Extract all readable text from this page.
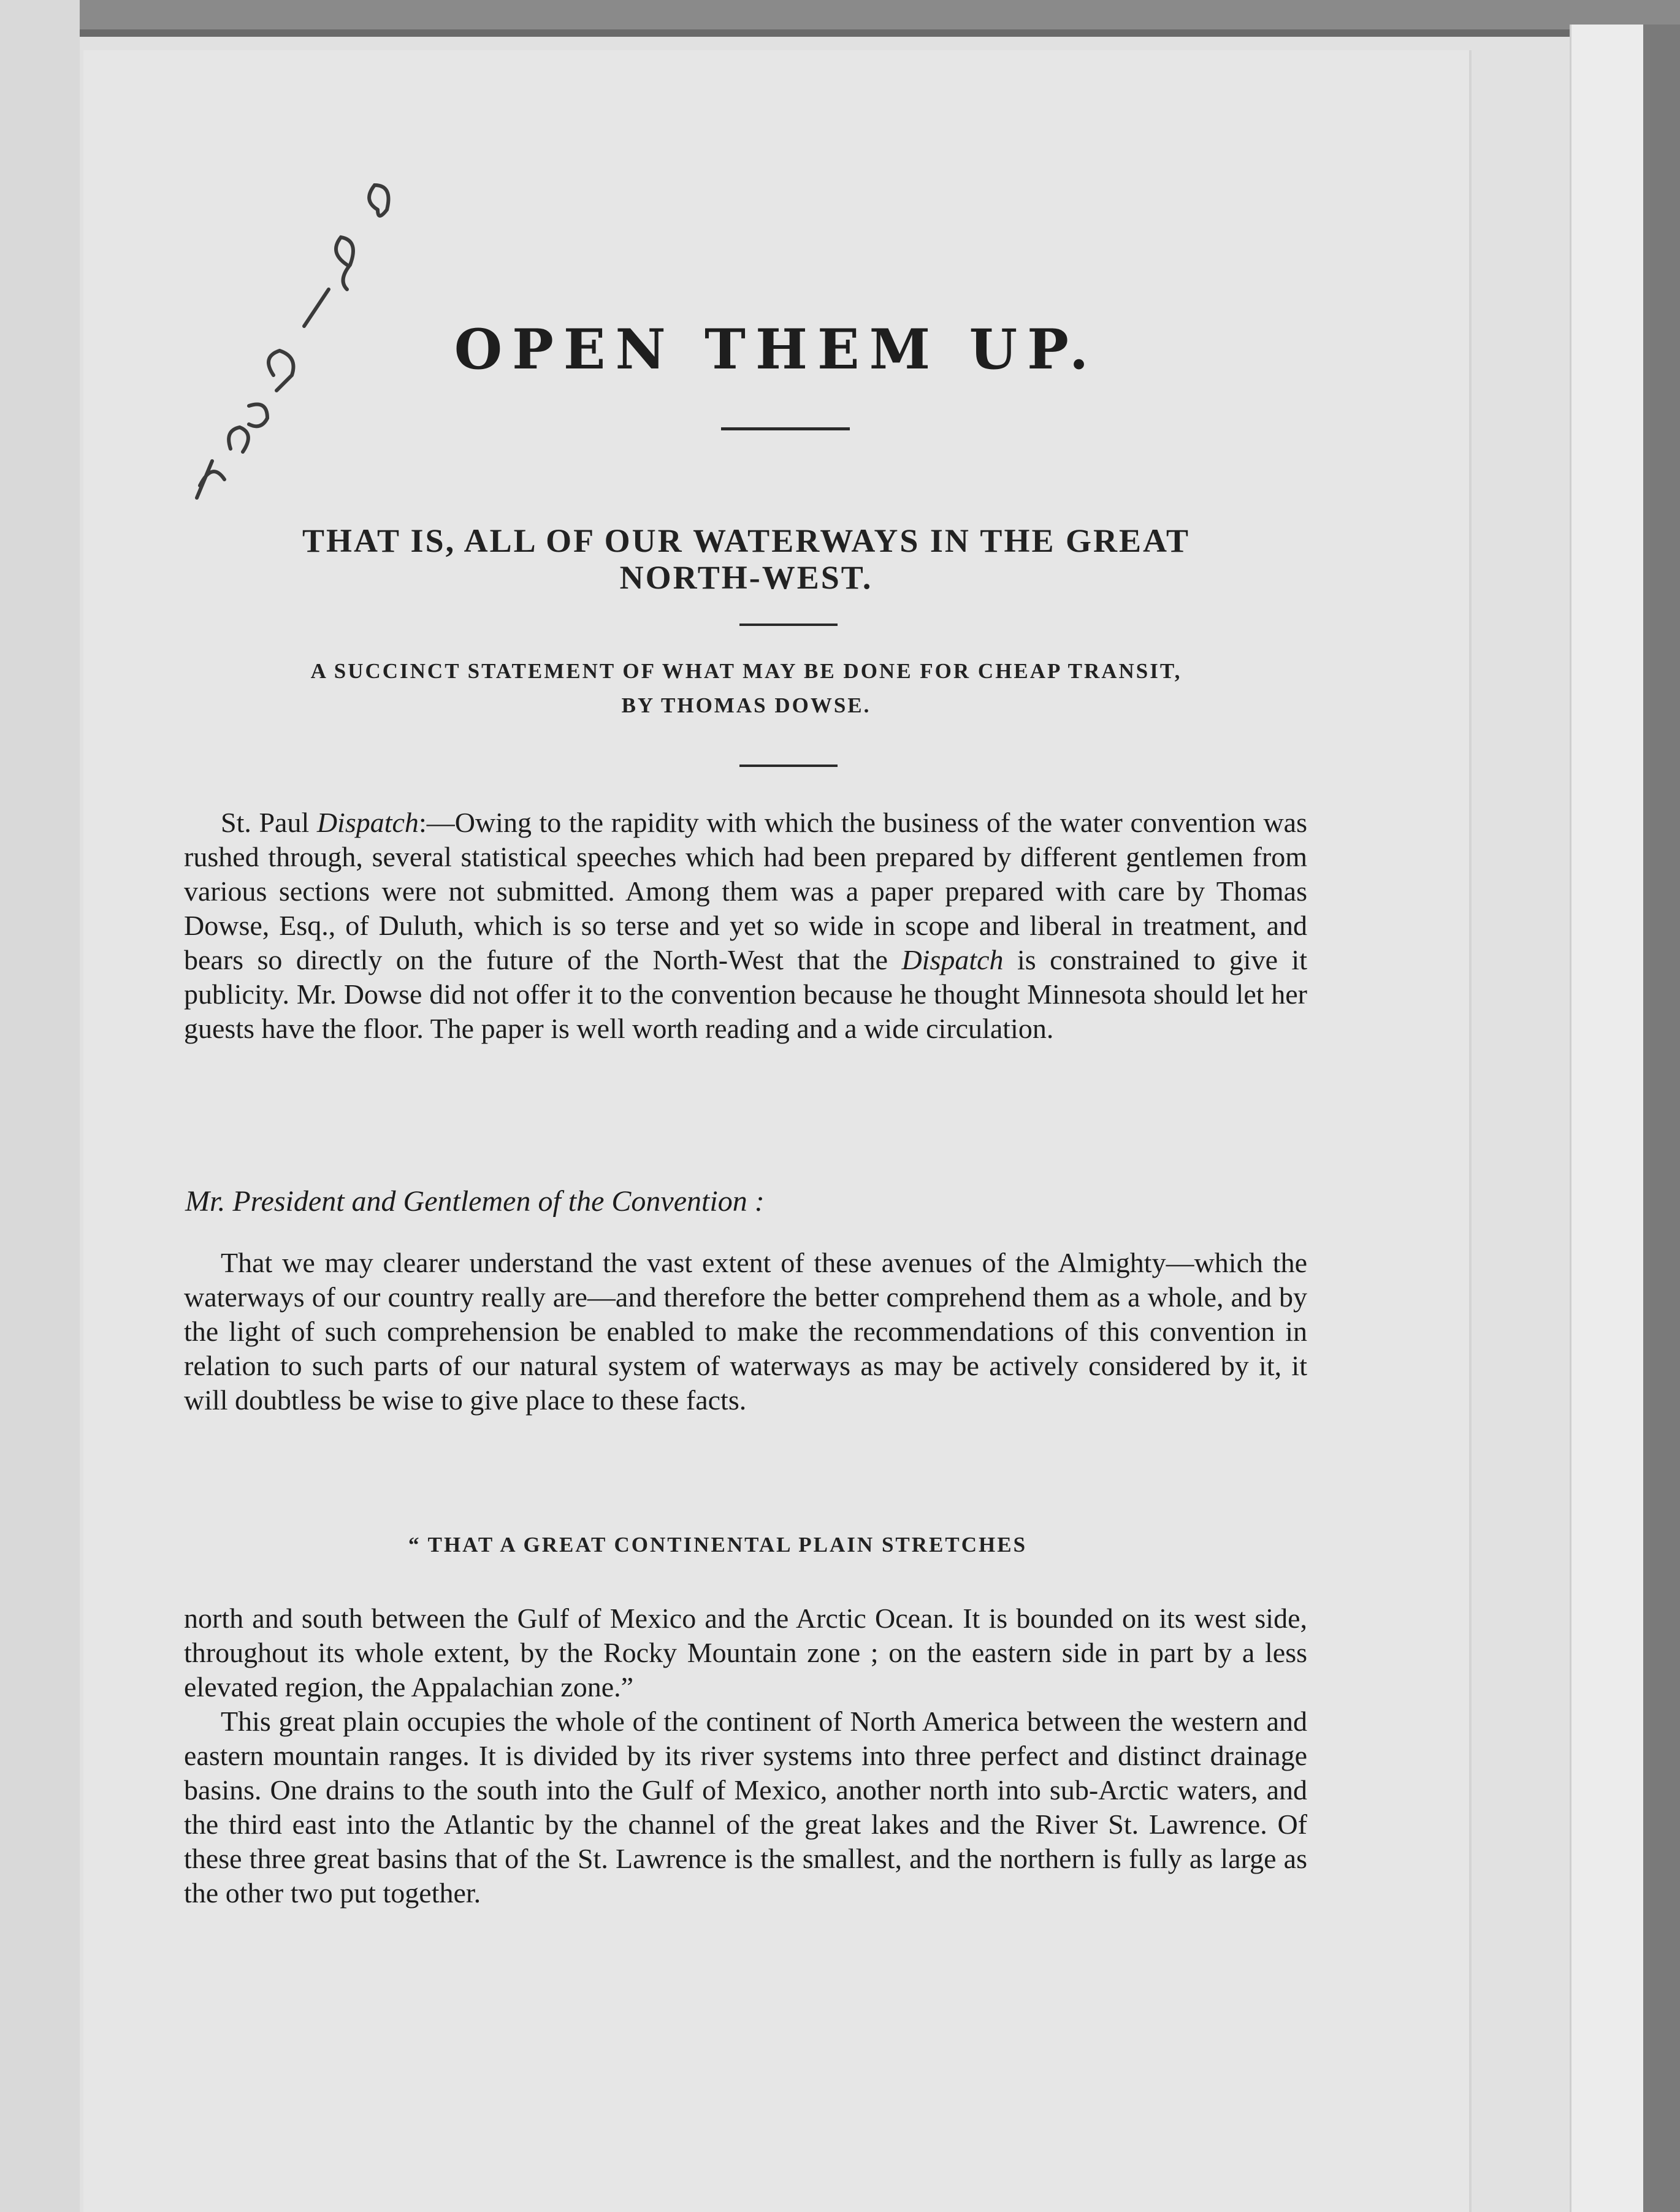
OPEN THEM UP.
THAT IS, ALL OF OUR WATERWAYS IN THE GREAT
NORTH-WEST.
A SUCCINCT STATEMENT OF WHAT MAY BE DONE FOR CHEAP TRANSIT,
BY THOMAS DOWSE.

St. Paul Dispatch:—Owing to the rapidity with which the business of the water convention was rushed through, several statistical speeches which had been prepared by different gentlemen from various sections were not submitted. Among them was a paper prepared with care by Thomas Dowse, Esq., of Duluth, which is so terse and yet so wide in scope and liberal in treatment, and bears so directly on the future of the North-West that the Dispatch is constrained to give it publicity. Mr. Dowse did not offer it to the convention because he thought Minnesota should let her guests have the floor. The paper is well worth reading and a wide circulation.

Mr. President and Gentlemen of the Convention :

That we may clearer understand the vast extent of these avenues of the Almighty—which the waterways of our country really are—and therefore the better comprehend them as a whole, and by the light of such comprehension be enabled to make the recommendations of this convention in relation to such parts of our natural system of waterways as may be actively considered by it, it will doubtless be wise to give place to these facts.

“ THAT A GREAT CONTINENTAL PLAIN STRETCHES

north and south between the Gulf of Mexico and the Arctic Ocean. It is bounded on its west side, throughout its whole extent, by the Rocky Mountain zone ; on the eastern side in part by a less elevated region, the Appalachian zone.”

This great plain occupies the whole of the continent of North America between the western and eastern mountain ranges. It is divided by its river systems into three perfect and distinct drainage basins. One drains to the south into the Gulf of Mexico, another north into sub-Arctic waters, and the third east into the Atlantic by the channel of the great lakes and the River St. Lawrence. Of these three great basins that of the St. Lawrence is the smallest, and the northern is fully as large as the other two put together.
